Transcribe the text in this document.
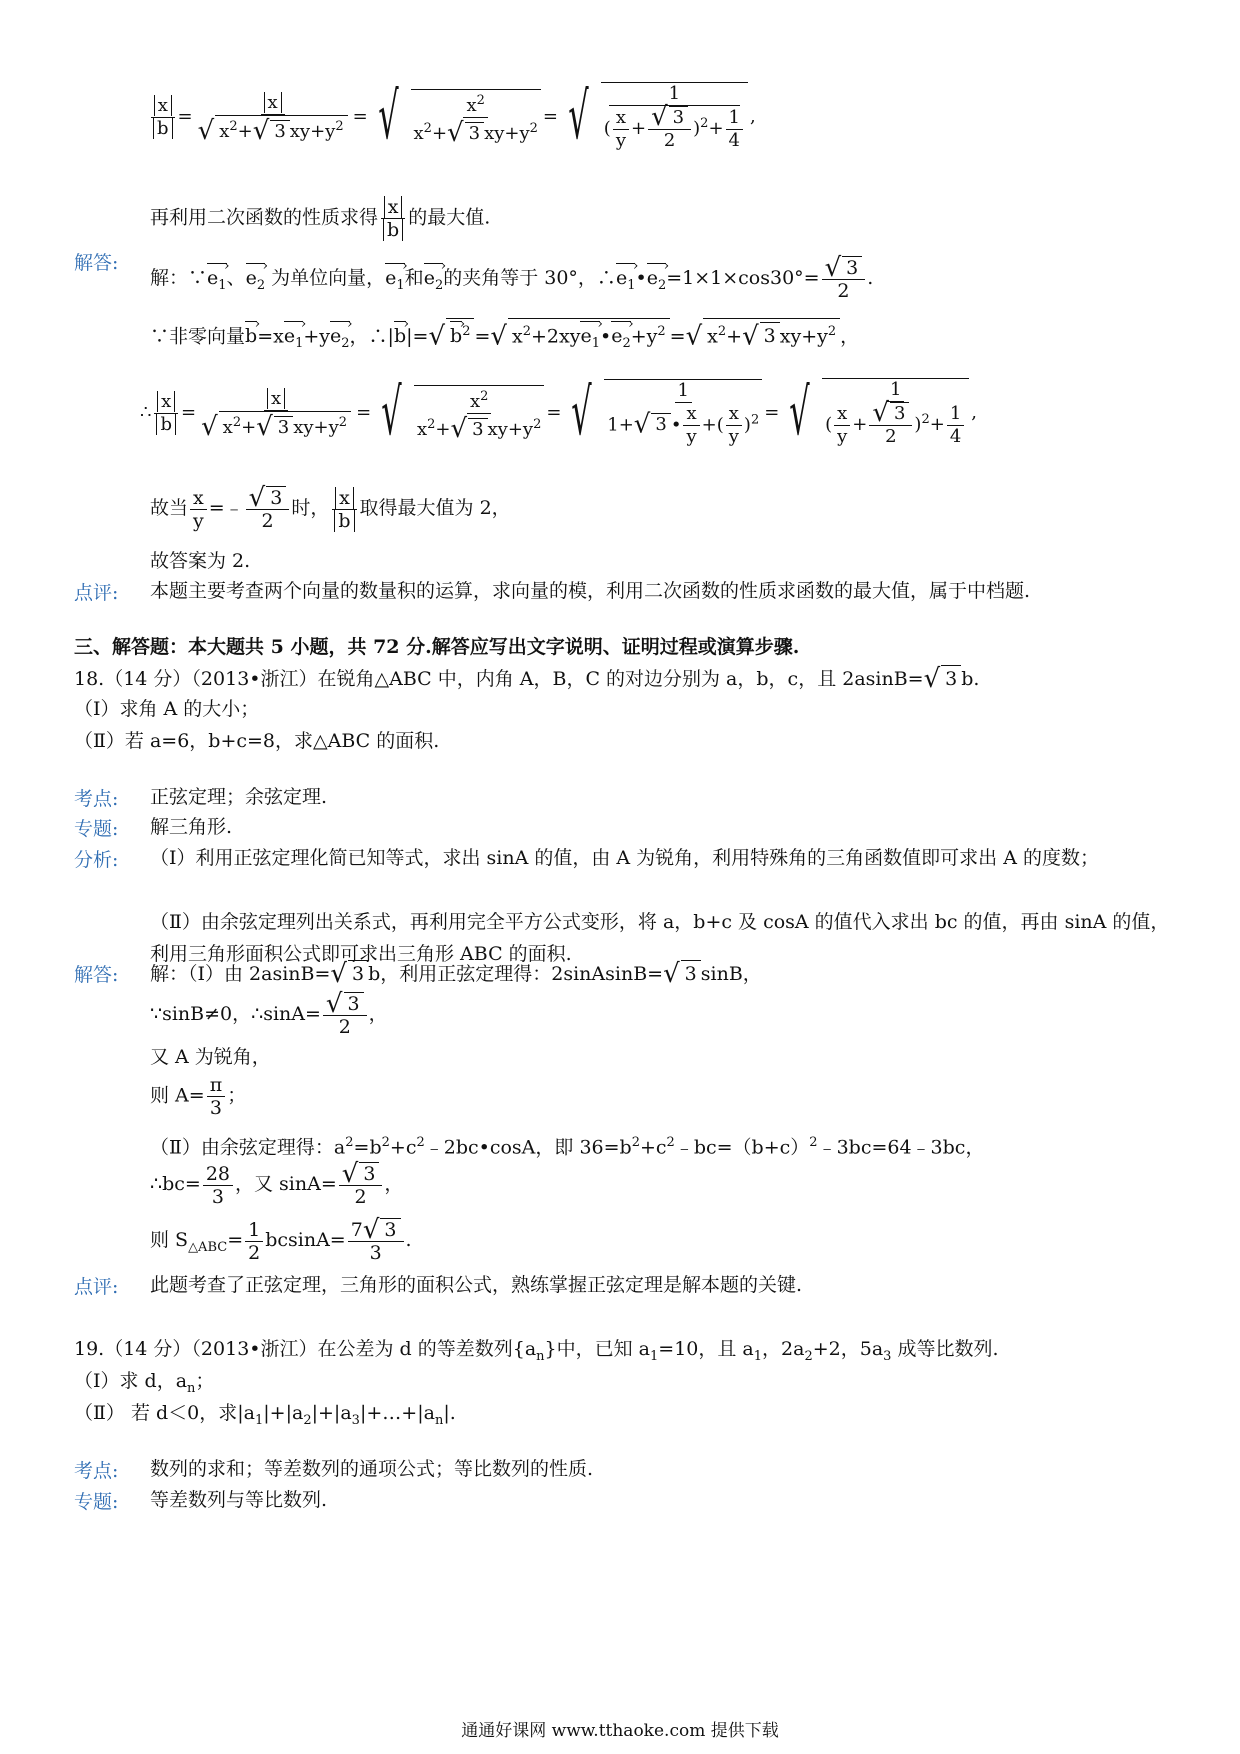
$\frac{x}{b} = \frac{x}{√ x^2+√ 3 xy+y^2}$ = √ $\frac{x^2}{x^2+√ 3 xy+y^2}$ = √ $\frac{1}{( \frac{x}{y} + \frac{√ 3}{2} )^2+ \frac{1}{4}}$ ,
再利用二次函数的性质求得 $\frac{x}{b}$ 的最大值.
解答:
解：$\because e_1$ ›、$e_2$ › 为单位向量，$e_1$ ›和$e_2$ ›的夹角等于 30°，$\therefore e_1$ $›•e_2$ ›=1×1×cos30°= $\frac{√ 3}{2}$ .
∵非零向量b $›=xe_1$ $›+ye_2$ ›，∴|b ›|=√ b ›$^2$ =√ $x^2+2xye_1$ $›•e_2$ $›+y^2$ =√ $x^2+√$ 3 $xy+y^2$ ，
∴ $\frac{x}{b} = \frac{x}{√ x^2+√ 3 xy+y^2}$ = √ $\frac{x^2}{x^2+√ 3 xy+y^2}$ = √ $\frac{1}{1+√ 3 • \frac{x}{y} +( \frac{x}{y} )^2}$ = √ $\frac{1}{( \frac{x}{y} + \frac{√ 3}{2} )^2+ \frac{1}{4}}$ ,
故当 $\frac{x}{y}$ =﹣ $\frac{√ 3}{2}$ 时， $\frac{x}{b}$ 取得最大值为 2，
故答案为 2.
点评: 本题主要考查两个向量的数量积的运算，求向量的模，利用二次函数的性质求函数的最大值，属于中档题.
三、解答题：本大题共 5 小题，共 72 分.解答应写出文字说明、证明过程或演算步骤.
18.（14 分）（2013•浙江）在锐角△ABC 中，内角 A，B，C 的对边分别为 a，b，c，且 2asinB=√ 3 b.
（Ⅰ）求角 A 的大小；
（Ⅱ）若 a=6，b+c=8，求△ABC 的面积.
考点: 正弦定理；余弦定理.
专题: 解三角形.
分析: （Ⅰ）利用正弦定理化简已知等式，求出 sinA 的值，由 A 为锐角，利用特殊角的三角函数值即可求出 A 的度数；
（Ⅱ）由余弦定理列出关系式，再利用完全平方公式变形，将 a，b+c 及 cosA 的值代入求出 bc 的值，再由 sinA 的值，利用三角形面积公式即可求出三角形 ABC 的面积.
解答: 解：（Ⅰ）由 2asinB=√ 3 b，利用正弦定理得：2sinAsinB=√ 3 sinB，
∵sinB≠0，∴sinA= $\frac{√ 3}{2}$ ，
又 A 为锐角，
则 $A= \frac{\pi}{3}$ ；
（Ⅱ）由余弦定理得：$a^2=b^2+c^2﹣2bc•\cos A$，即 $36=b^2+c^2﹣bc=(b+c)^2﹣3bc=64﹣3bc$，
∴bc= $\frac{28}{3}$ ，又 $\sin A= \frac{√ 3}{2}$ ，
则 $S_{\triangle ABC}= \frac{1}{2} bcsinA= \frac{7√ 3}{3}$ .
点评: 此题考查了正弦定理，三角形的面积公式，熟练掌握正弦定理是解本题的关键.
19.（14 分）（2013•浙江）在公差为 d 的等差数列$\{a_n\}$中，已知 $a_1=10$，且 $a_1$，$2a_2+2$，$5a_3$ 成等比数列.
（Ⅰ）求 d，$a_n$；
（Ⅱ） 若 d＜0，求$|a_1|+|a_2|+|a_3|+\dots+|a_n|$.
考点: 数列的求和；等差数列的通项公式；等比数列的性质.
专题: 等差数列与等比数列.
通通好课网 www.tthaoke.com 提供下载
